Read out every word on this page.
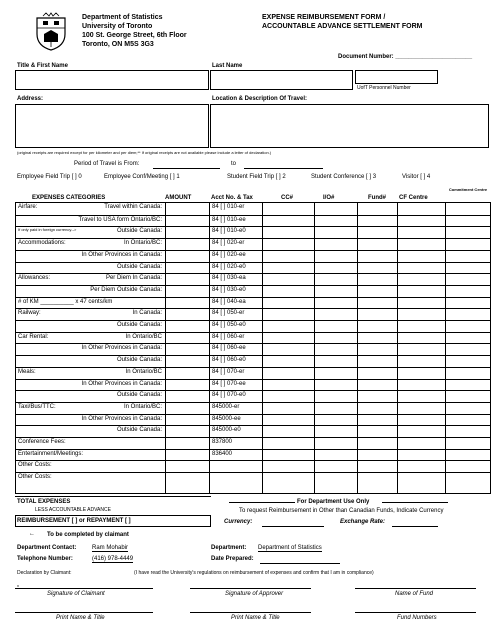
Department of Statistics
University of Toronto
100 St. George Street, 6th Floor
Toronto, ON M5S 3G3
EXPENSE REIMBURSEMENT FORM /
ACCOUNTABLE ADVANCE SETTLEMENT FORM
Document Number: _______________________
Title & First Name	Last Name
UofT Personnel Number
Address:	Location & Description Of Travel:
(original receipts are required except for per kilometer and per diem;** If original receipts are not available please include a letter of declaration.)
Period of Travel is From:	to
Employee Field Trip [ ] 0	Employee Conf/Meeting [ ] 1	Student Field Trip [ ] 2	Student Conference [ ] 3	Visitor [ ] 4
EXPENSES CATEGORIES	AMOUNT	Acct No. & Tax	CC#	I/O#	Fund# CF Centre
Commitment Centre
Airfare:	Travel within Canada:	84 [ ] 010-er
Travel to USA form Ontario/BC:	84 [ ] 010-ee
If only paid in foreign currency-->	Outside Canada:	84 [ ] 010-e0
Accommodations:	In Ontario/BC:	84 [ ] 020-er
In Other Provinces in Canada:	84 [ ] 020-ee
Outside Canada:	84 [ ] 020-e0
Allowances:	Per Diem In Canada:	84 [ ] 030-ea
Per Diem Outside Canada:	84 [ ] 030-e0
# of KM __________ x 47 cents/km	84 [ ] 040-ea
Railway:	In Canada:	84 [ ] 050-er
Outside Canada:	84 [ ] 050-e0
Car Rental:	In Ontario/BC	84 [ ] 060-er
In Other Provinces in Canada:	84 [ ] 060-ee
Outside Canada:	84 [ ] 060-e0
Meals:	In Ontario/BC	84 [ ] 070-er
In Other Provinces in Canada:	84 [ ] 070-ee
Outside Canada:	84 [ ] 070-e0
Taxi/Bus/TTC:	In Ontario/BC:	845000-er
In Other Provinces in Canada:	845000-ee
Outside Canada:	845000-e0
Conference Fees:	837800
Entertainment/Meetings:	836400
Other Costs:
Other Costs:
TOTAL EXPENSES
LESS ACCOUNTABLE ADVANCE
REIMBURSEMENT [ ] or REPAYMENT [ ]
To be completed by claimant
←
For Department Use Only
To request Reimbursement in Other than Canadian Funds, Indicate Currency
Currency:	Exchange Rate:
Department Contact:	Ram Mohabir
Telephone Number:	(416) 978-4449
Department: Department of Statistics
Date Prepared:
Declaration by Claimant:	(I have read the University's regulations on reimbursement of expenses and confirm that I am in compliance)
x
Signature of Claimant	Signature of Approver	Name of Fund
Print Name & Title	Print Name & Title	Fund Numbers
